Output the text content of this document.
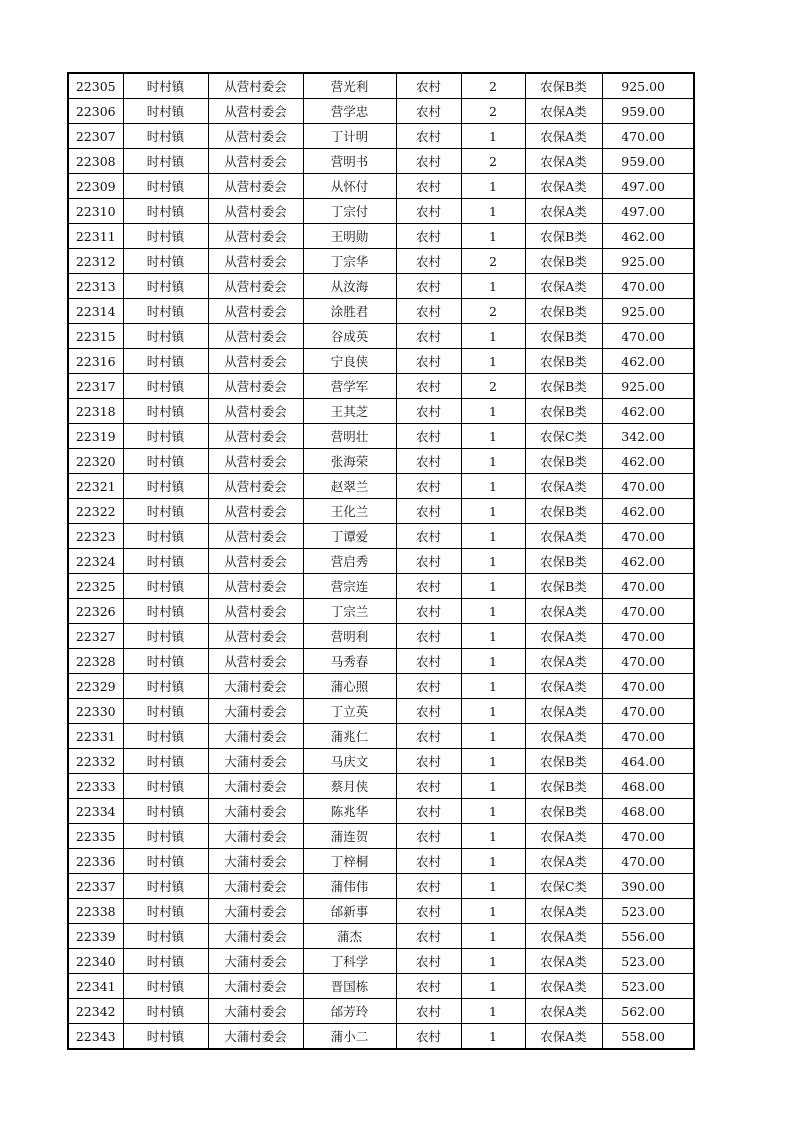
22305	时村镇	从营村委会	营光利	农村	2	农保B类	925.00
22306	时村镇	从营村委会	营学忠	农村	2	农保A类	959.00
22307	时村镇	从营村委会	丁计明	农村	1	农保A类	470.00
22308	时村镇	从营村委会	营明书	农村	2	农保A类	959.00
22309	时村镇	从营村委会	从怀付	农村	1	农保A类	497.00
22310	时村镇	从营村委会	丁宗付	农村	1	农保A类	497.00
22311	时村镇	从营村委会	王明勋	农村	1	农保B类	462.00
22312	时村镇	从营村委会	丁宗华	农村	2	农保B类	925.00
22313	时村镇	从营村委会	从汝海	农村	1	农保A类	470.00
22314	时村镇	从营村委会	涂胜君	农村	2	农保B类	925.00
22315	时村镇	从营村委会	谷成英	农村	1	农保B类	470.00
22316	时村镇	从营村委会	宁良侠	农村	1	农保B类	462.00
22317	时村镇	从营村委会	营学军	农村	2	农保B类	925.00
22318	时村镇	从营村委会	王其芝	农村	1	农保B类	462.00
22319	时村镇	从营村委会	营明壮	农村	1	农保C类	342.00
22320	时村镇	从营村委会	张海荣	农村	1	农保B类	462.00
22321	时村镇	从营村委会	赵翠兰	农村	1	农保A类	470.00
22322	时村镇	从营村委会	王化兰	农村	1	农保B类	462.00
22323	时村镇	从营村委会	丁谭爱	农村	1	农保A类	470.00
22324	时村镇	从营村委会	营启秀	农村	1	农保B类	462.00
22325	时村镇	从营村委会	营宗连	农村	1	农保B类	470.00
22326	时村镇	从营村委会	丁宗兰	农村	1	农保A类	470.00
22327	时村镇	从营村委会	营明利	农村	1	农保A类	470.00
22328	时村镇	从营村委会	马秀春	农村	1	农保A类	470.00
22329	时村镇	大蒲村委会	蒲心照	农村	1	农保A类	470.00
22330	时村镇	大蒲村委会	丁立英	农村	1	农保A类	470.00
22331	时村镇	大蒲村委会	蒲兆仁	农村	1	农保A类	470.00
22332	时村镇	大蒲村委会	马庆文	农村	1	农保B类	464.00
22333	时村镇	大蒲村委会	蔡月侠	农村	1	农保B类	468.00
22334	时村镇	大蒲村委会	陈兆华	农村	1	农保B类	468.00
22335	时村镇	大蒲村委会	蒲连贺	农村	1	农保A类	470.00
22336	时村镇	大蒲村委会	丁梓桐	农村	1	农保A类	470.00
22337	时村镇	大蒲村委会	蒲伟伟	农村	1	农保C类	390.00
22338	时村镇	大蒲村委会	邰新事	农村	1	农保A类	523.00
22339	时村镇	大蒲村委会	蒲杰	农村	1	农保A类	556.00
22340	时村镇	大蒲村委会	丁科学	农村	1	农保A类	523.00
22341	时村镇	大蒲村委会	晋国栋	农村	1	农保A类	523.00
22342	时村镇	大蒲村委会	邰芳玲	农村	1	农保A类	562.00
22343	时村镇	大蒲村委会	蒲小二	农村	1	农保A类	558.00
